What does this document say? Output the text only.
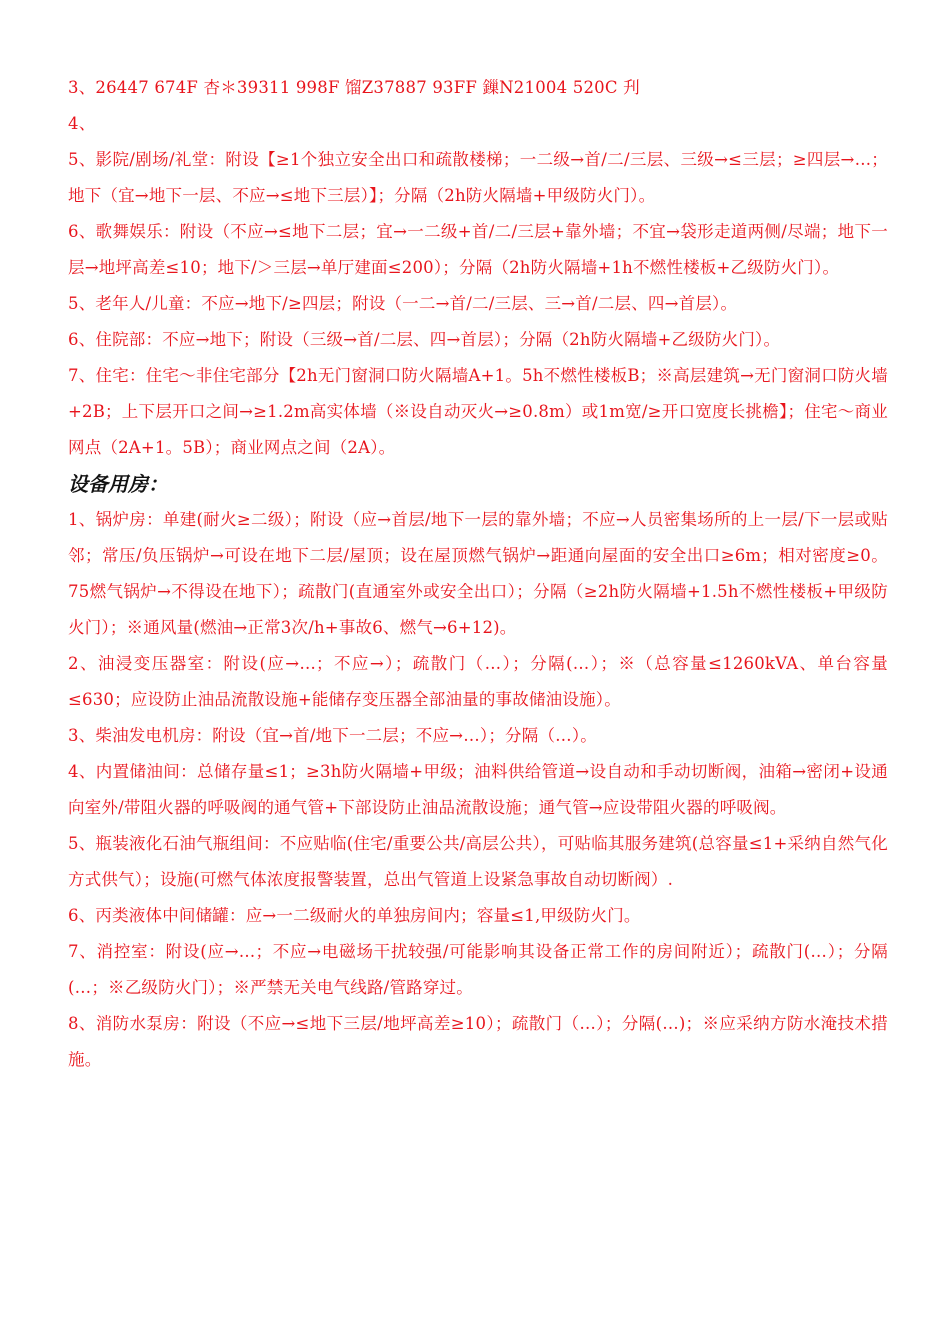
3、26447 674F 杏＊39311 998F 馏Z37887 93FF 鏁N21004 520C 刋

4、

5、影院/剧场/礼堂：附设【≥1个独立安全出口和疏散楼梯；一二级→首/二/三层、三级→≤三层；≥四层→…；地下（宜→地下一层、不应→≤地下三层）】；分隔（2h防火隔墙+甲级防火门）。

6、歌舞娱乐：附设（不应→≤地下二层；宜→一二级+首/二/三层+靠外墙；不宜→袋形走道两侧/尽端；地下一层→地坪高差≤10；地下/＞三层→单厅建面≤200）；分隔（2h防火隔墙+1h不燃性楼板+乙级防火门）。

5、老年人/儿童：不应→地下/≥四层；附设（一二→首/二/三层、三→首/二层、四→首层）。

6、住院部：不应→地下；附设（三级→首/二层、四→首层）；分隔（2h防火隔墙+乙级防火门）。

7、住宅：住宅～非住宅部分【2h无门窗洞口防火隔墙A+1。5h不燃性楼板B；※高层建筑→无门窗洞口防火墙+2B；上下层开口之间→≥1.2m高实体墙（※设自动灭火→≥0.8m）或1m宽/≥开口宽度长挑檐】；住宅～商业网点（2A+1。5B）；商业网点之间（2A）。

设备用房：

1、锅炉房：单建(耐火≥二级）；附设（应→首层/地下一层的靠外墙；不应→人员密集场所的上一层/下一层或贴邻；常压/负压锅炉→可设在地下二层/屋顶；设在屋顶燃气锅炉→距通向屋面的安全出口≥6m；相对密度≥0。75燃气锅炉→不得设在地下）；疏散门(直通室外或安全出口）；分隔（≥2h防火隔墙+1.5h不燃性楼板+甲级防火门）；※通风量(燃油→正常3次/h+事故6、燃气→6+12)。

2、油浸变压器室：附设(应→…；不应→）；疏散门（…）；分隔(…）；※（总容量≤1260kVA、单台容量≤630；应设防止油品流散设施+能储存变压器全部油量的事故储油设施）。

3、柴油发电机房：附设（宜→首/地下一二层；不应→…）；分隔（…）。

4、内置储油间：总储存量≤1；≥3h防火隔墙+甲级；油料供给管道→设自动和手动切断阀，油箱→密闭+设通向室外/带阻火器的呼吸阀的通气管+下部设防止油品流散设施；通气管→应设带阻火器的呼吸阀。

5、瓶装液化石油气瓶组间：不应贴临(住宅/重要公共/高层公共），可贴临其服务建筑(总容量≤1+采纳自然气化方式供气）；设施(可燃气体浓度报警装置，总出气管道上设紧急事故自动切断阀）.

6、丙类液体中间储罐：应→一二级耐火的单独房间内；容量≤1,甲级防火门。

7、消控室：附设(应→…；不应→电磁场干扰较强/可能影响其设备正常工作的房间附近）；疏散门(…）；分隔(…；※乙级防火门）；※严禁无关电气线路/管路穿过。

8、消防水泵房：附设（不应→≤地下三层/地坪高差≥10）；疏散门（…）；分隔(…)；※应采纳方防水淹技术措施。
